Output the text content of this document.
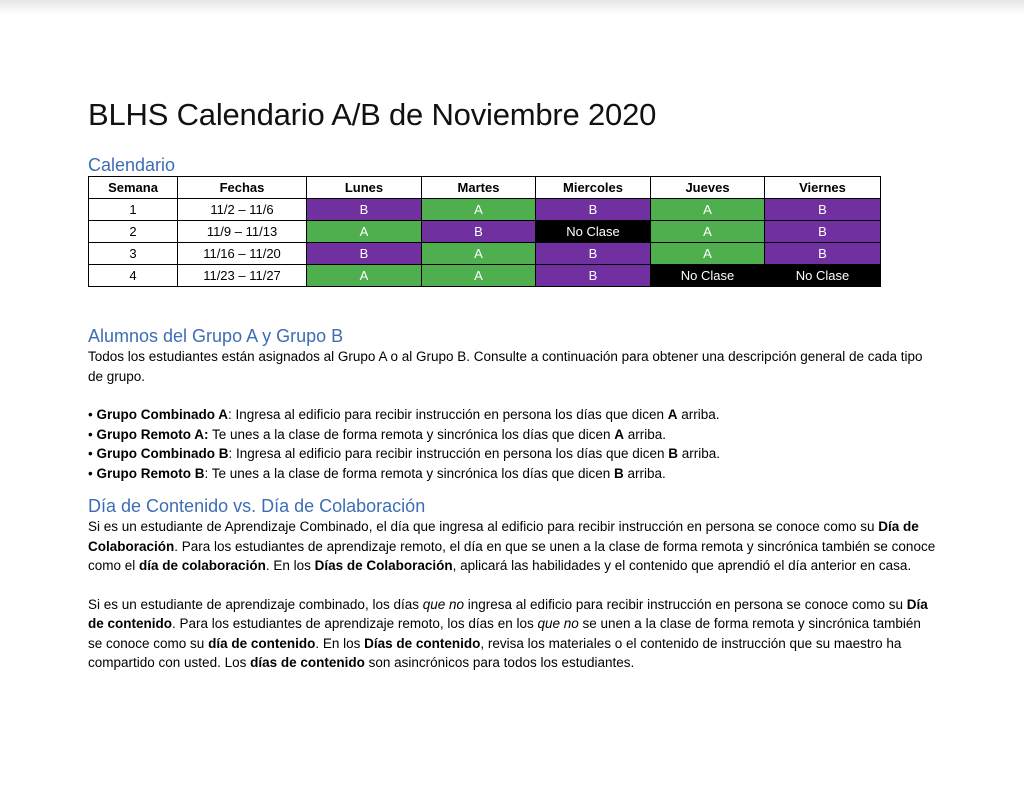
BLHS Calendario A/B de Noviembre 2020
Calendario
Semana	Fechas	Lunes	Martes	Miercoles	Jueves	Viernes
1	11/2 – 11/6	B	A	B	A	B
2	11/9 – 11/13	A	B	No Clase	A	B
3	11/16 – 11/20	B	A	B	A	B
4	11/23 – 11/27	A	A	B	No Clase	No Clase
Alumnos del Grupo A y Grupo B

Todos los estudiantes están asignados al Grupo A o al Grupo B. Consulte a continuación para obtener una descripción general de cada tipo de grupo.

• Grupo Combinado A: Ingresa al edificio para recibir instrucción en persona los días que dicen A arriba.

• Grupo Remoto A: Te unes a la clase de forma remota y sincrónica los días que dicen A arriba.

• Grupo Combinado B: Ingresa al edificio para recibir instrucción en persona los días que dicen B arriba.

• Grupo Remoto B: Te unes a la clase de forma remota y sincrónica los días que dicen B arriba.

Día de Contenido vs. Día de Colaboración

Si es un estudiante de Aprendizaje Combinado, el día que ingresa al edificio para recibir instrucción en persona se conoce como su Día de Colaboración. Para los estudiantes de aprendizaje remoto, el día en que se unen a la clase de forma remota y sincrónica también se conoce como el día de colaboración. En los Días de Colaboración, aplicará las habilidades y el contenido que aprendió el día anterior en casa.

Si es un estudiante de aprendizaje combinado, los días que no ingresa al edificio para recibir instrucción en persona se conoce como su Día de contenido. Para los estudiantes de aprendizaje remoto, los días en los que no se unen a la clase de forma remota y sincrónica también se conoce como su día de contenido. En los Días de contenido, revisa los materiales o el contenido de instrucción que su maestro ha compartido con usted. Los días de contenido son asincrónicos para todos los estudiantes.
